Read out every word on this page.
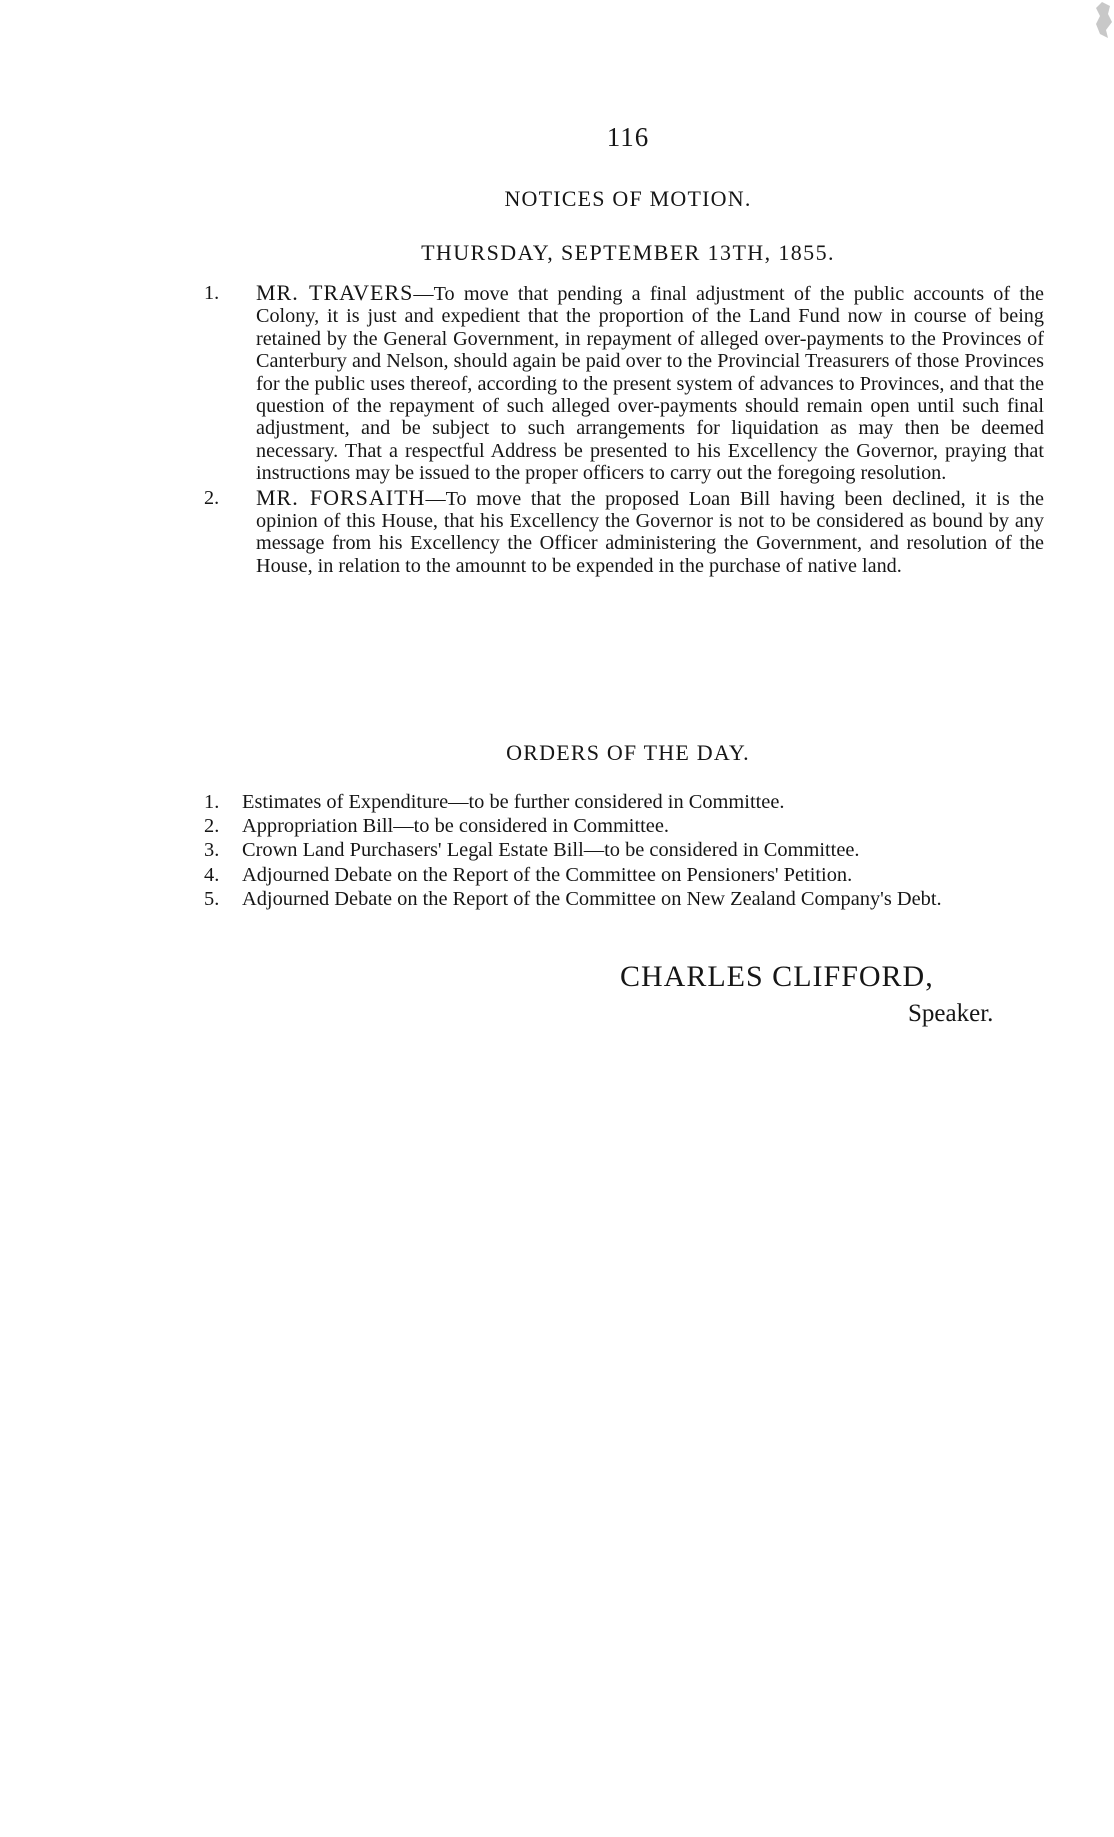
116
NOTICES OF MOTION.
THURSDAY, SEPTEMBER 13TH, 1855.
1. MR. TRAVERS—To move that pending a final adjustment of the public accounts of the Colony, it is just and expedient that the proportion of the Land Fund now in course of being retained by the General Government, in repayment of alleged over-payments to the Provinces of Canterbury and Nelson, should again be paid over to the Provincial Treasurers of those Provinces for the public uses thereof, according to the present system of advances to Provinces, and that the question of the repayment of such alleged over-payments should remain open until such final adjustment, and be subject to such arrangements for liquidation as may then be deemed necessary. That a respectful Address be presented to his Excellency the Governor, praying that instructions may be issued to the proper officers to carry out the foregoing resolution.
2. MR. FORSAITH—To move that the proposed Loan Bill having been declined, it is the opinion of this House, that his Excellency the Governor is not to be considered as bound by any message from his Excellency the Officer administering the Government, and resolution of the House, in relation to the amounnt to be expended in the purchase of native land.
ORDERS OF THE DAY.
1. Estimates of Expenditure—to be further considered in Committee.
2. Appropriation Bill—to be considered in Committee.
3. Crown Land Purchasers' Legal Estate Bill—to be considered in Committee.
4. Adjourned Debate on the Report of the Committee on Pensioners' Petition.
5. Adjourned Debate on the Report of the Committee on New Zealand Company's Debt.
CHARLES CLIFFORD,
Speaker.
